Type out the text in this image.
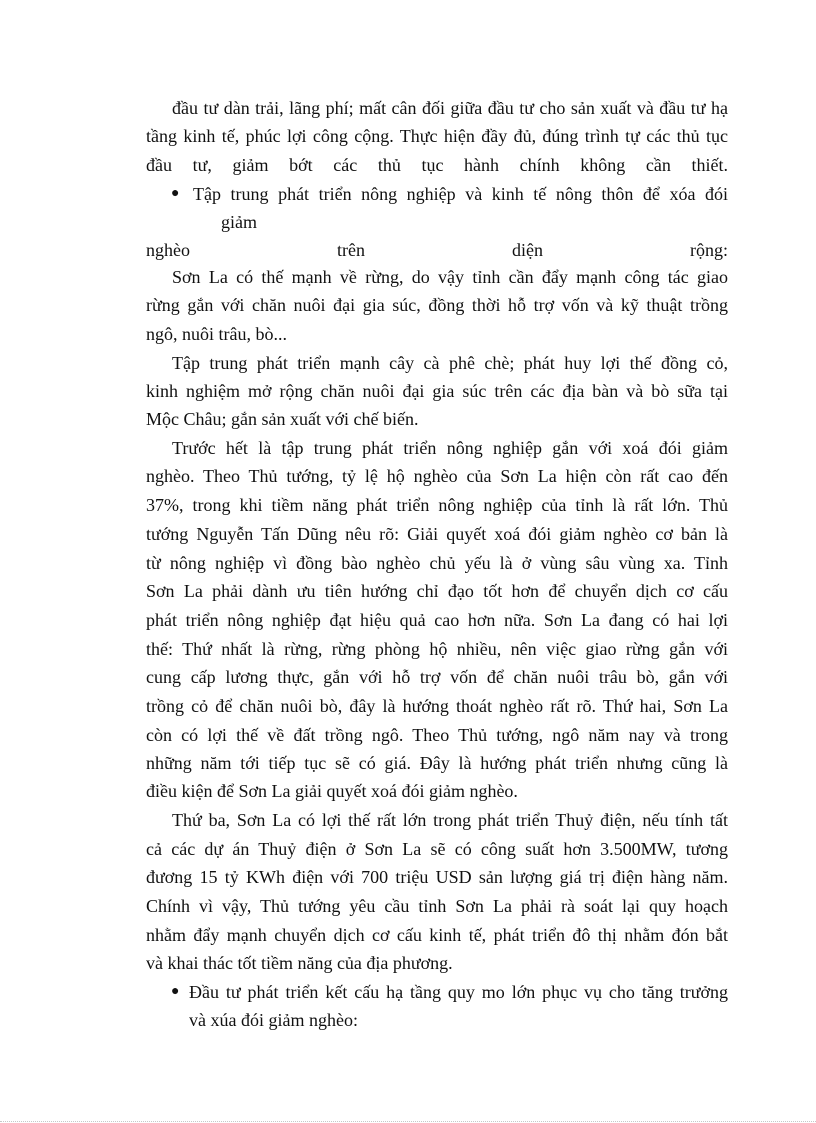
đầu tư dàn trải, lãng phí; mất cân đối giữa đầu tư cho sản xuất và đầu tư hạ
tầng kinh tế, phúc lợi công cộng. Thực hiện đầy đủ, đúng trình tự các thủ tục
đầu tư, giảm bớt các thủ tục hành chính không cần thiết.
● Tập trung phát triển nông nghiệp và kinh tế nông thôn để xóa đói
giảm
nghèo trên diện rộng:
Sơn La có thế mạnh về rừng, do vậy tỉnh cần đẩy mạnh công tác giao
rừng gắn với chăn nuôi đại gia súc, đồng thời hỗ trợ vốn và kỹ thuật trồng
ngô, nuôi trâu, bò...
Tập trung phát triển mạnh cây cà phê chè; phát huy lợi thế đồng cỏ,
kinh nghiệm mở rộng chăn nuôi đại gia súc trên các địa bàn và bò sữa tại
Mộc Châu; gắn sản xuất với chế biến.
Trước hết là tập trung phát triển nông nghiệp gắn với xoá đói giảm
nghèo. Theo Thủ tướng, tỷ lệ hộ nghèo của Sơn La hiện còn rất cao đến
37%, trong khi tiềm năng phát triển nông nghiệp của tỉnh là rất lớn. Thủ
tướng Nguyễn Tấn Dũng nêu rõ: Giải quyết xoá đói giảm nghèo cơ bản là
từ nông nghiệp vì đồng bào nghèo chủ yếu là ở vùng sâu vùng xa. Tỉnh
Sơn La phải dành ưu tiên hướng chỉ đạo tốt hơn để chuyển dịch cơ cấu
phát triển nông nghiệp đạt hiệu quả cao hơn nữa. Sơn La đang có hai lợi
thế: Thứ nhất là rừng, rừng phòng hộ nhiều, nên việc giao rừng gắn với
cung cấp lương thực, gắn với hỗ trợ vốn để chăn nuôi trâu bò, gắn với
trồng cỏ để chăn nuôi bò, đây là hướng thoát nghèo rất rõ. Thứ hai, Sơn La
còn có lợi thế về đất trồng ngô. Theo Thủ tướng, ngô năm nay và trong
những năm tới tiếp tục sẽ có giá. Đây là hướng phát triển nhưng cũng là
điều kiện để Sơn La giải quyết xoá đói giảm nghèo.
Thứ ba, Sơn La có lợi thế rất lớn trong phát triển Thuỷ điện, nếu tính tất
cả các dự án Thuỷ điện ở Sơn La sẽ có công suất hơn 3.500MW, tương
đương 15 tỷ KWh điện với 700 triệu USD sản lượng giá trị điện hàng năm.
Chính vì vậy, Thủ tướng yêu cầu tỉnh Sơn La phải rà soát lại quy hoạch
nhằm đẩy mạnh chuyển dịch cơ cấu kinh tế, phát triển đô thị nhằm đón bắt
và khai thác tốt tiềm năng của địa phương.
● Đầu tư phát triển kết cấu hạ tầng quy mo lớn phục vụ cho tăng trưởng
và xúa đói giảm nghèo:
